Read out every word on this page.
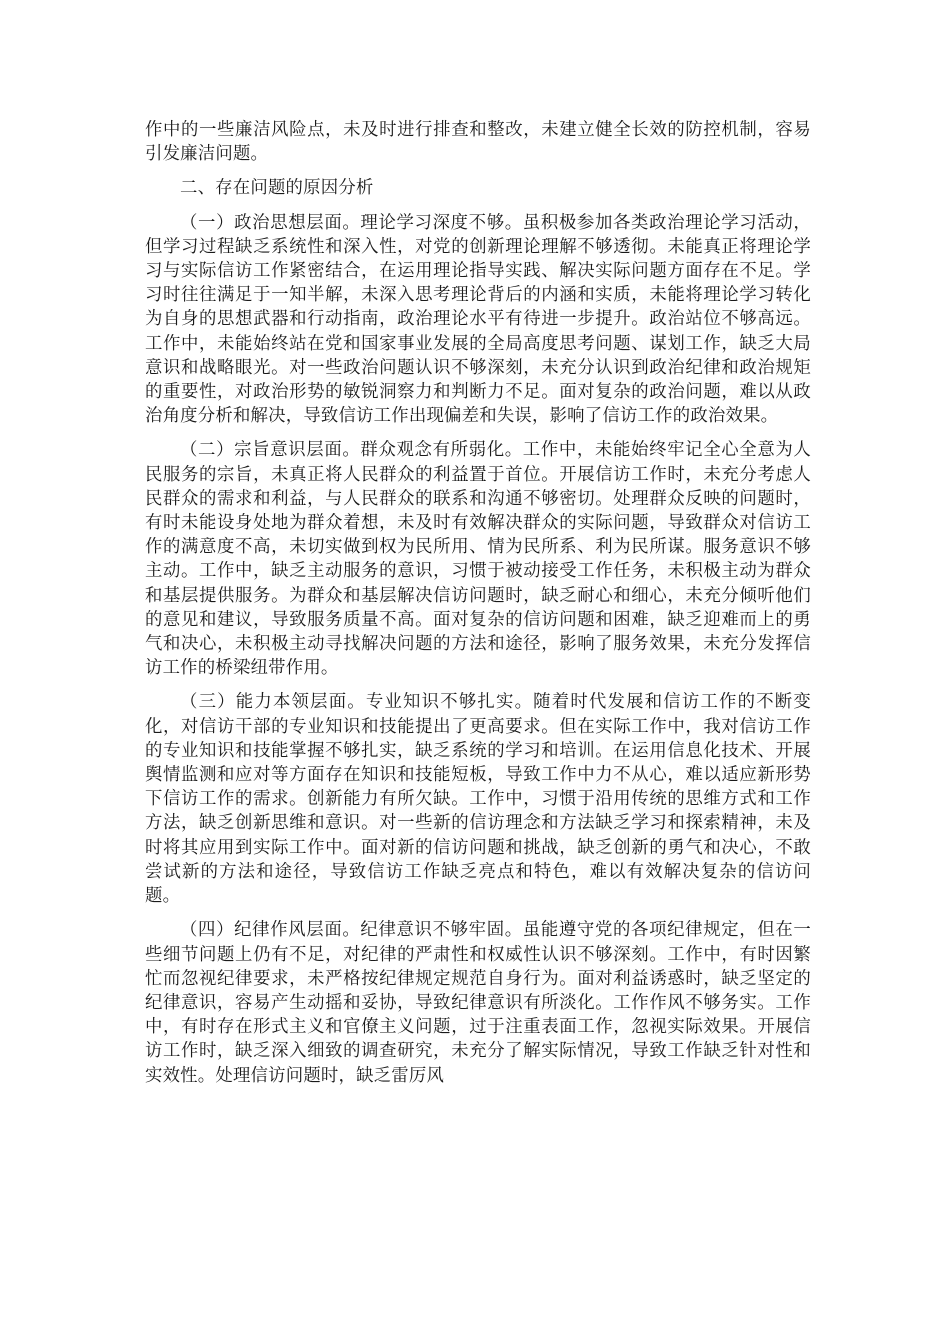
作中的一些廉洁风险点，未及时进行排查和整改，未建立健全长效的防控机制，容易引发廉洁问题。

二、存在问题的原因分析

（一）政治思想层面。理论学习深度不够。虽积极参加各类政治理论学习活动，但学习过程缺乏系统性和深入性，对党的创新理论理解不够透彻。未能真正将理论学习与实际信访工作紧密结合，在运用理论指导实践、解决实际问题方面存在不足。学习时往往满足于一知半解，未深入思考理论背后的内涵和实质，未能将理论学习转化为自身的思想武器和行动指南，政治理论水平有待进一步提升。政治站位不够高远。工作中，未能始终站在党和国家事业发展的全局高度思考问题、谋划工作，缺乏大局意识和战略眼光。对一些政治问题认识不够深刻，未充分认识到政治纪律和政治规矩的重要性，对政治形势的敏锐洞察力和判断力不足。面对复杂的政治问题，难以从政治角度分析和解决，导致信访工作出现偏差和失误，影响了信访工作的政治效果。

（二）宗旨意识层面。群众观念有所弱化。工作中，未能始终牢记全心全意为人民服务的宗旨，未真正将人民群众的利益置于首位。开展信访工作时，未充分考虑人民群众的需求和利益，与人民群众的联系和沟通不够密切。处理群众反映的问题时，有时未能设身处地为群众着想，未及时有效解决群众的实际问题，导致群众对信访工作的满意度不高，未切实做到权为民所用、情为民所系、利为民所谋。服务意识不够主动。工作中，缺乏主动服务的意识，习惯于被动接受工作任务，未积极主动为群众和基层提供服务。为群众和基层解决信访问题时，缺乏耐心和细心，未充分倾听他们的意见和建议，导致服务质量不高。面对复杂的信访问题和困难，缺乏迎难而上的勇气和决心，未积极主动寻找解决问题的方法和途径，影响了服务效果，未充分发挥信访工作的桥梁纽带作用。

（三）能力本领层面。专业知识不够扎实。随着时代发展和信访工作的不断变化，对信访干部的专业知识和技能提出了更高要求。但在实际工作中，我对信访工作的专业知识和技能掌握不够扎实，缺乏系统的学习和培训。在运用信息化技术、开展舆情监测和应对等方面存在知识和技能短板，导致工作中力不从心，难以适应新形势下信访工作的需求。创新能力有所欠缺。工作中，习惯于沿用传统的思维方式和工作方法，缺乏创新思维和意识。对一些新的信访理念和方法缺乏学习和探索精神，未及时将其应用到实际工作中。面对新的信访问题和挑战，缺乏创新的勇气和决心，不敢尝试新的方法和途径，导致信访工作缺乏亮点和特色，难以有效解决复杂的信访问题。

（四）纪律作风层面。纪律意识不够牢固。虽能遵守党的各项纪律规定，但在一些细节问题上仍有不足，对纪律的严肃性和权威性认识不够深刻。工作中，有时因繁忙而忽视纪律要求，未严格按纪律规定规范自身行为。面对利益诱惑时，缺乏坚定的纪律意识，容易产生动摇和妥协，导致纪律意识有所淡化。工作作风不够务实。工作中，有时存在形式主义和官僚主义问题，过于注重表面工作，忽视实际效果。开展信访工作时，缺乏深入细致的调查研究，未充分了解实际情况，导致工作缺乏针对性和实效性。处理信访问题时，缺乏雷厉风
